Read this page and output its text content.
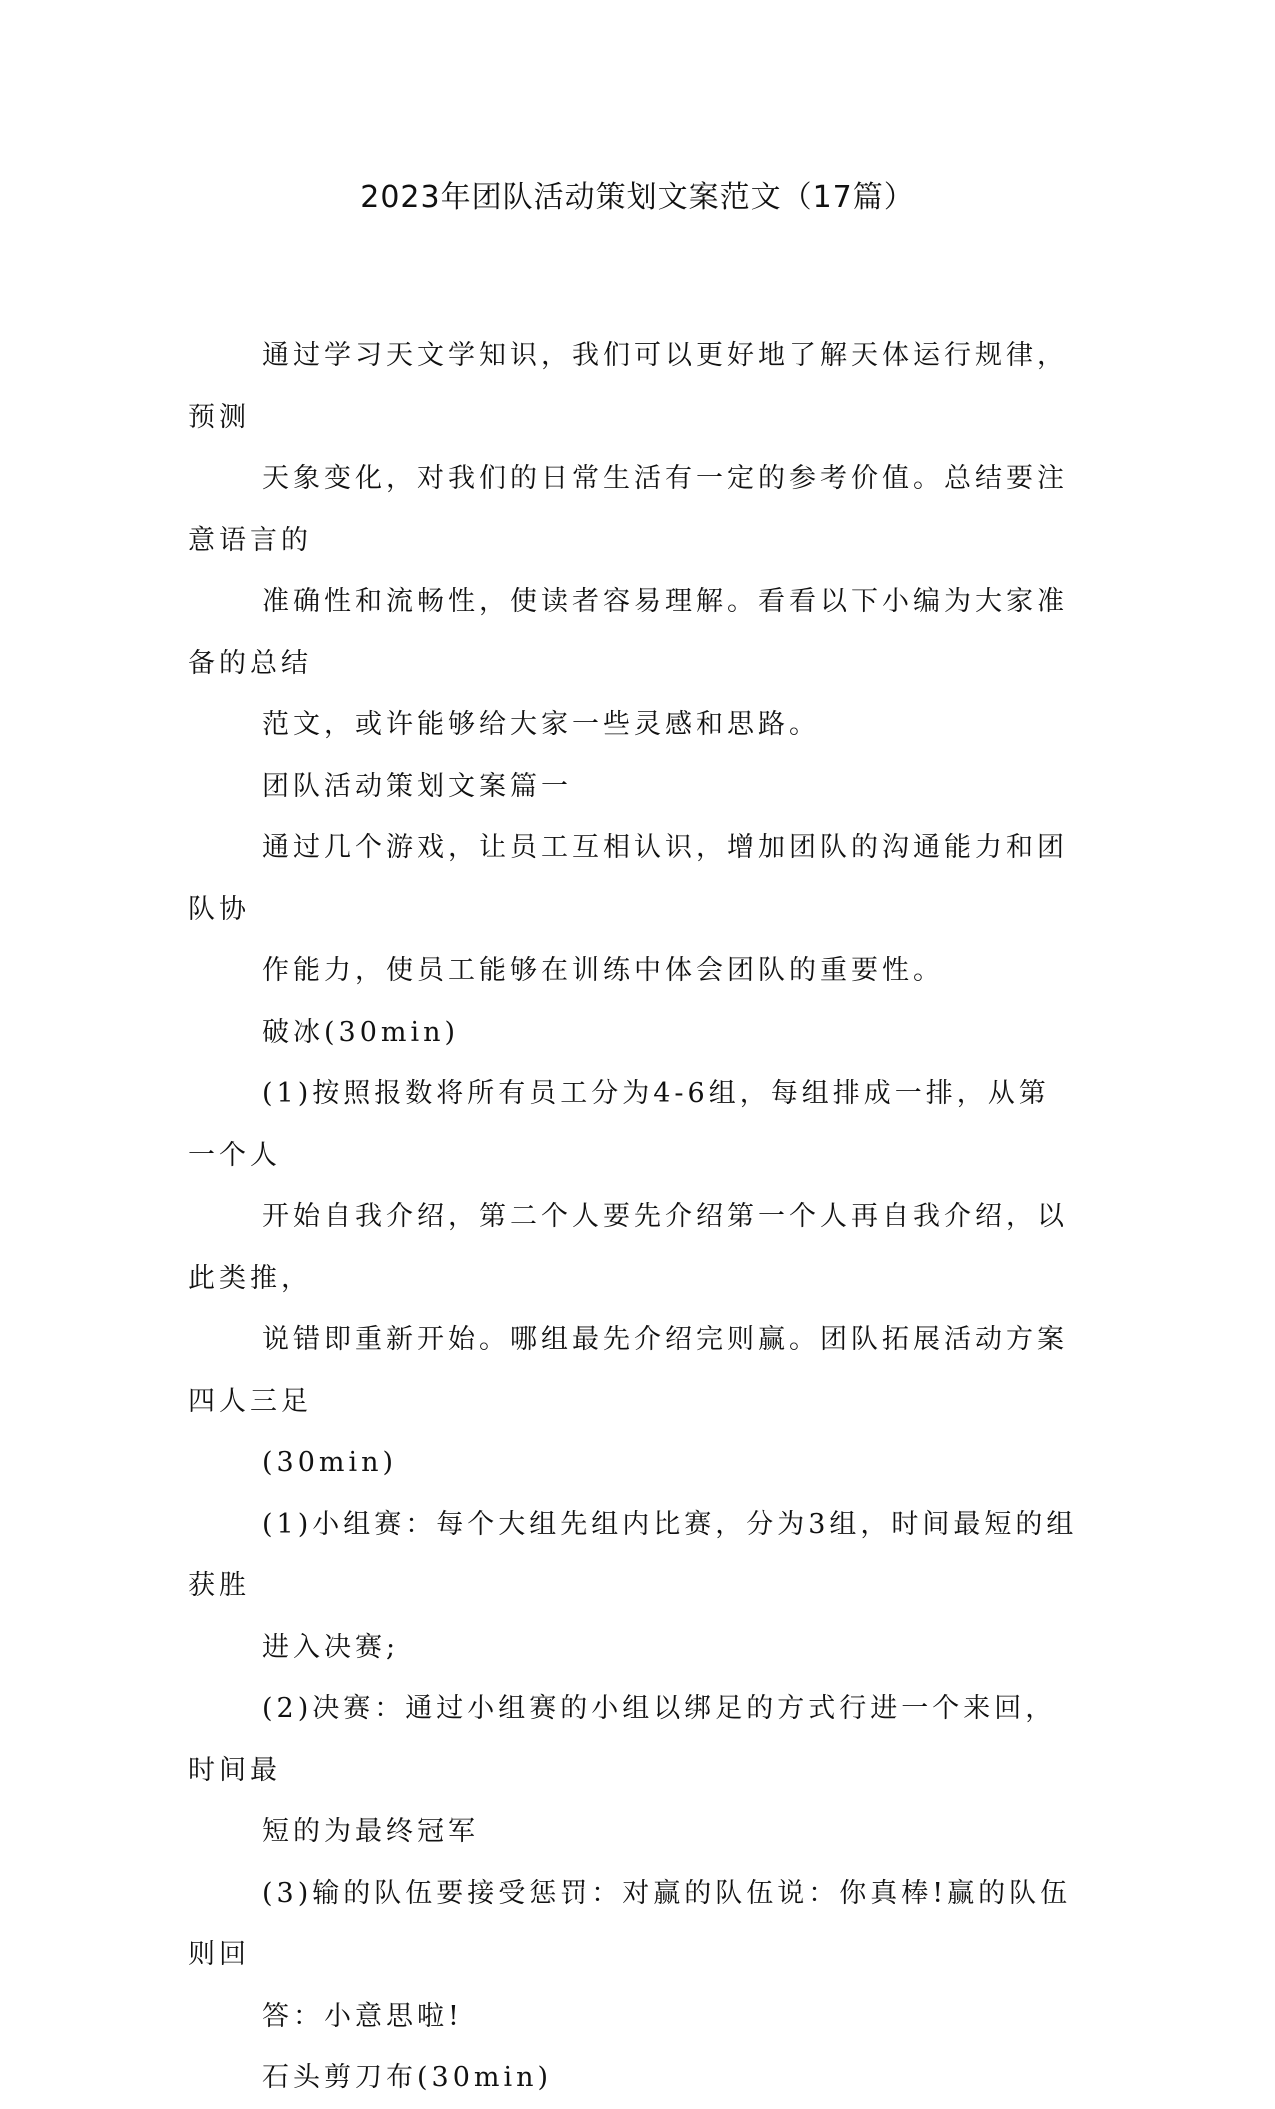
2023年团队活动策划文案范文（17篇）

通过学习天文学知识，我们可以更好地了解天体运行规律，预测
天象变化，对我们的日常生活有一定的参考价值。总结要注意语言的
准确性和流畅性，使读者容易理解。看看以下小编为大家准备的总结
范文，或许能够给大家一些灵感和思路。

团队活动策划文案篇一

通过几个游戏，让员工互相认识，增加团队的沟通能力和团队协
作能力，使员工能够在训练中体会团队的重要性。

破冰(30min)

(1)按照报数将所有员工分为4-6组，每组排成一排，从第一个人
开始自我介绍，第二个人要先介绍第一个人再自我介绍，以此类推，
说错即重新开始。哪组最先介绍完则赢。团队拓展活动方案四人三足
(30min)

(1)小组赛：每个大组先组内比赛，分为3组，时间最短的组获胜
进入决赛;

(2)决赛：通过小组赛的小组以绑足的方式行进一个来回，时间最
短的为最终冠军

(3)输的队伍要接受惩罚：对赢的队伍说：你真棒!赢的队伍则回
答：小意思啦!

石头剪刀布(30min)
